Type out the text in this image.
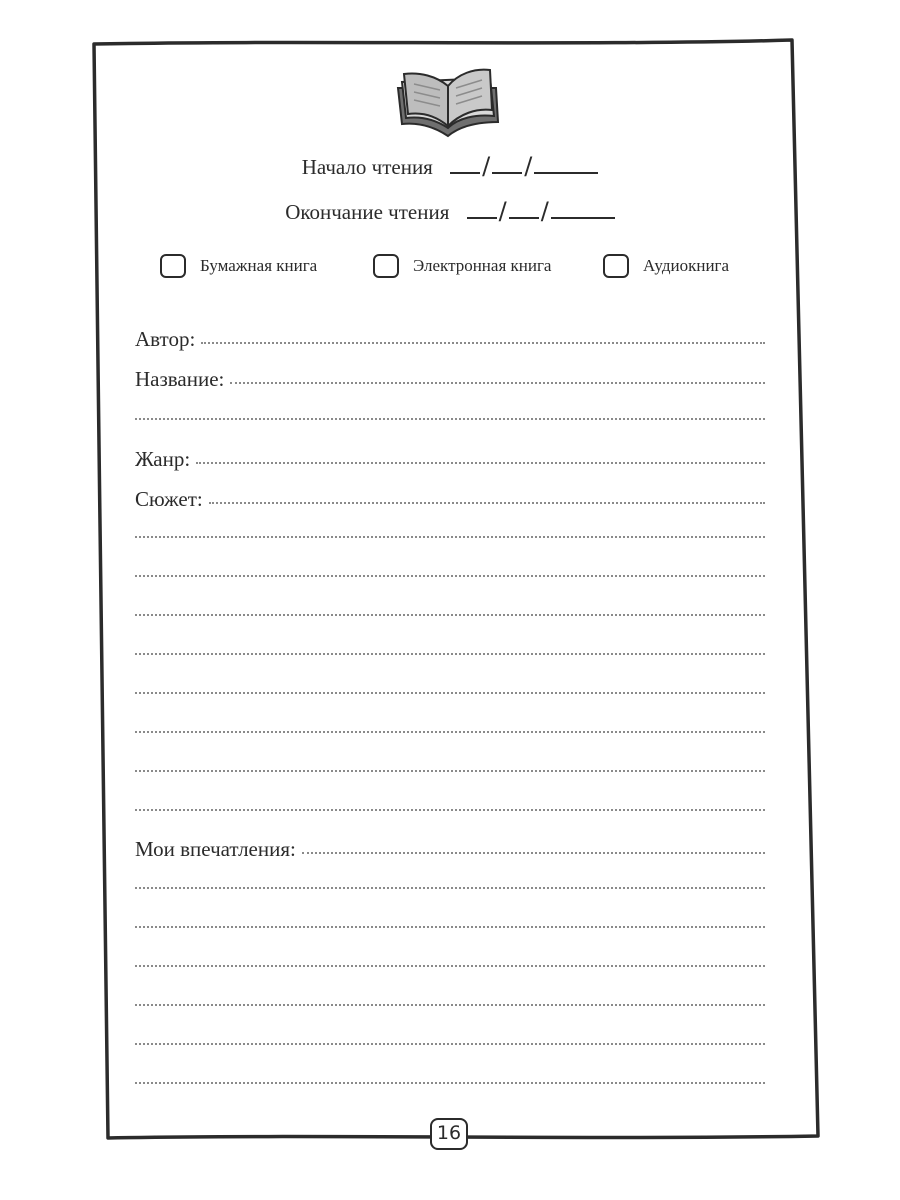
Начало чтения / /
Окончание чтения / /
Бумажная книга	Электронная книга	Аудиокнига
Автор:
Название:
Жанр:
Сюжет:
Мои впечатления:
16
